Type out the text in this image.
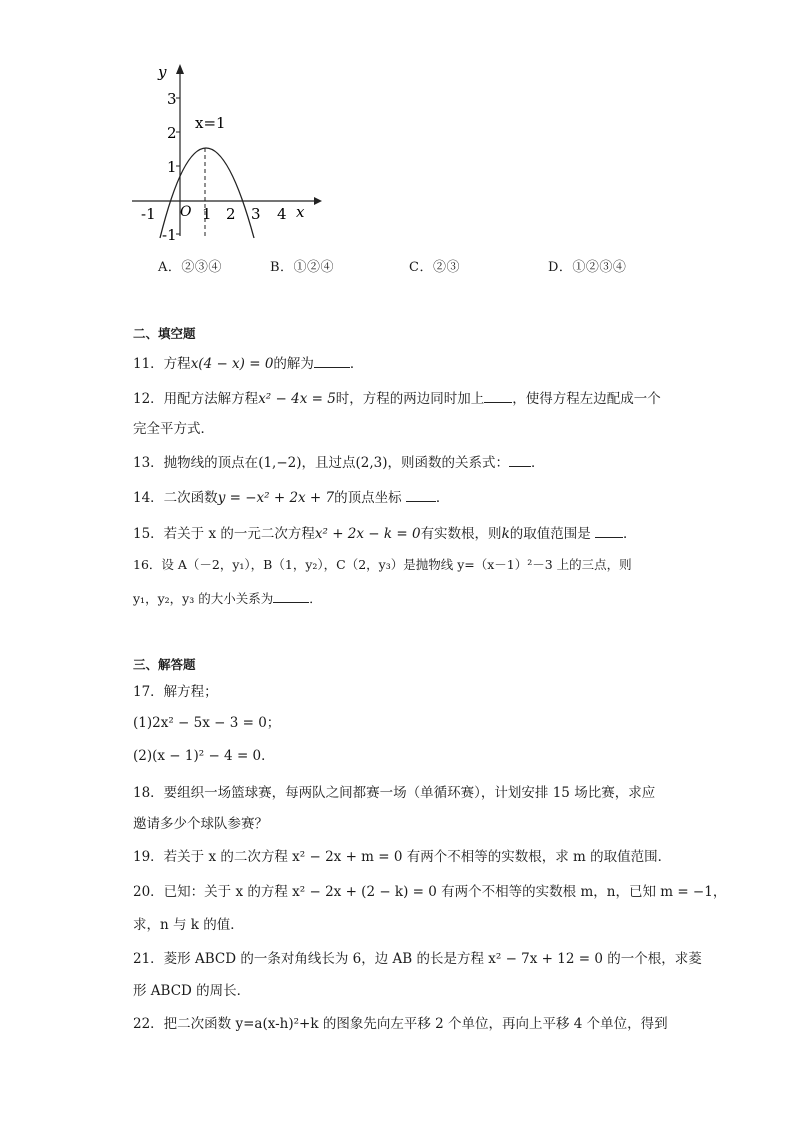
y
x
O
x=1
3
2
1
-1
-1	1 2 3 4
A．②③④	B．①②④	C．②③	D．①②③④
二、填空题
11．方程x(4 − x) = 0的解为	．
12．用配方法解方程x² − 4x = 5时，方程的两边同时加上 ，使得方程左边配成一个
完全平方式．
13．抛物线的顶点在(1,−2)，且过点(2,3)，则函数的关系式： ．
14．二次函数y = −x² + 2x + 7的顶点坐标	．
15．若关于 x 的一元二次方程x² + 2x − k = 0有实数根，则k的取值范围是 ．
16．设 A（－2，y₁），B（1，y₂），C（2，y₃）是抛物线 y=（x－1）²－3 上的三点，则
y₁，y₂，y₃ 的大小关系为	．
三、解答题
17．解方程；
(1)2x² − 5x − 3 = 0；
(2)(x − 1)² − 4 = 0．
18．要组织一场篮球赛，每两队之间都赛一场（单循环赛），计划安排 15 场比赛，求应
邀请多少个球队参赛？
19．若关于 x 的二次方程 x² − 2x + m = 0 有两个不相等的实数根，求 m 的取值范围．
20．已知：关于 x 的方程 x² − 2x + (2 − k) = 0 有两个不相等的实数根 m，n，已知 m = −1，
求，n 与 k 的值．
21．菱形 ABCD 的一条对角线长为 6，边 AB 的长是方程 x² − 7x + 12 = 0 的一个根，求菱
形 ABCD 的周长．
22．把二次函数 y=a(x-h)²+k 的图象先向左平移 2 个单位，再向上平移 4 个单位，得到
